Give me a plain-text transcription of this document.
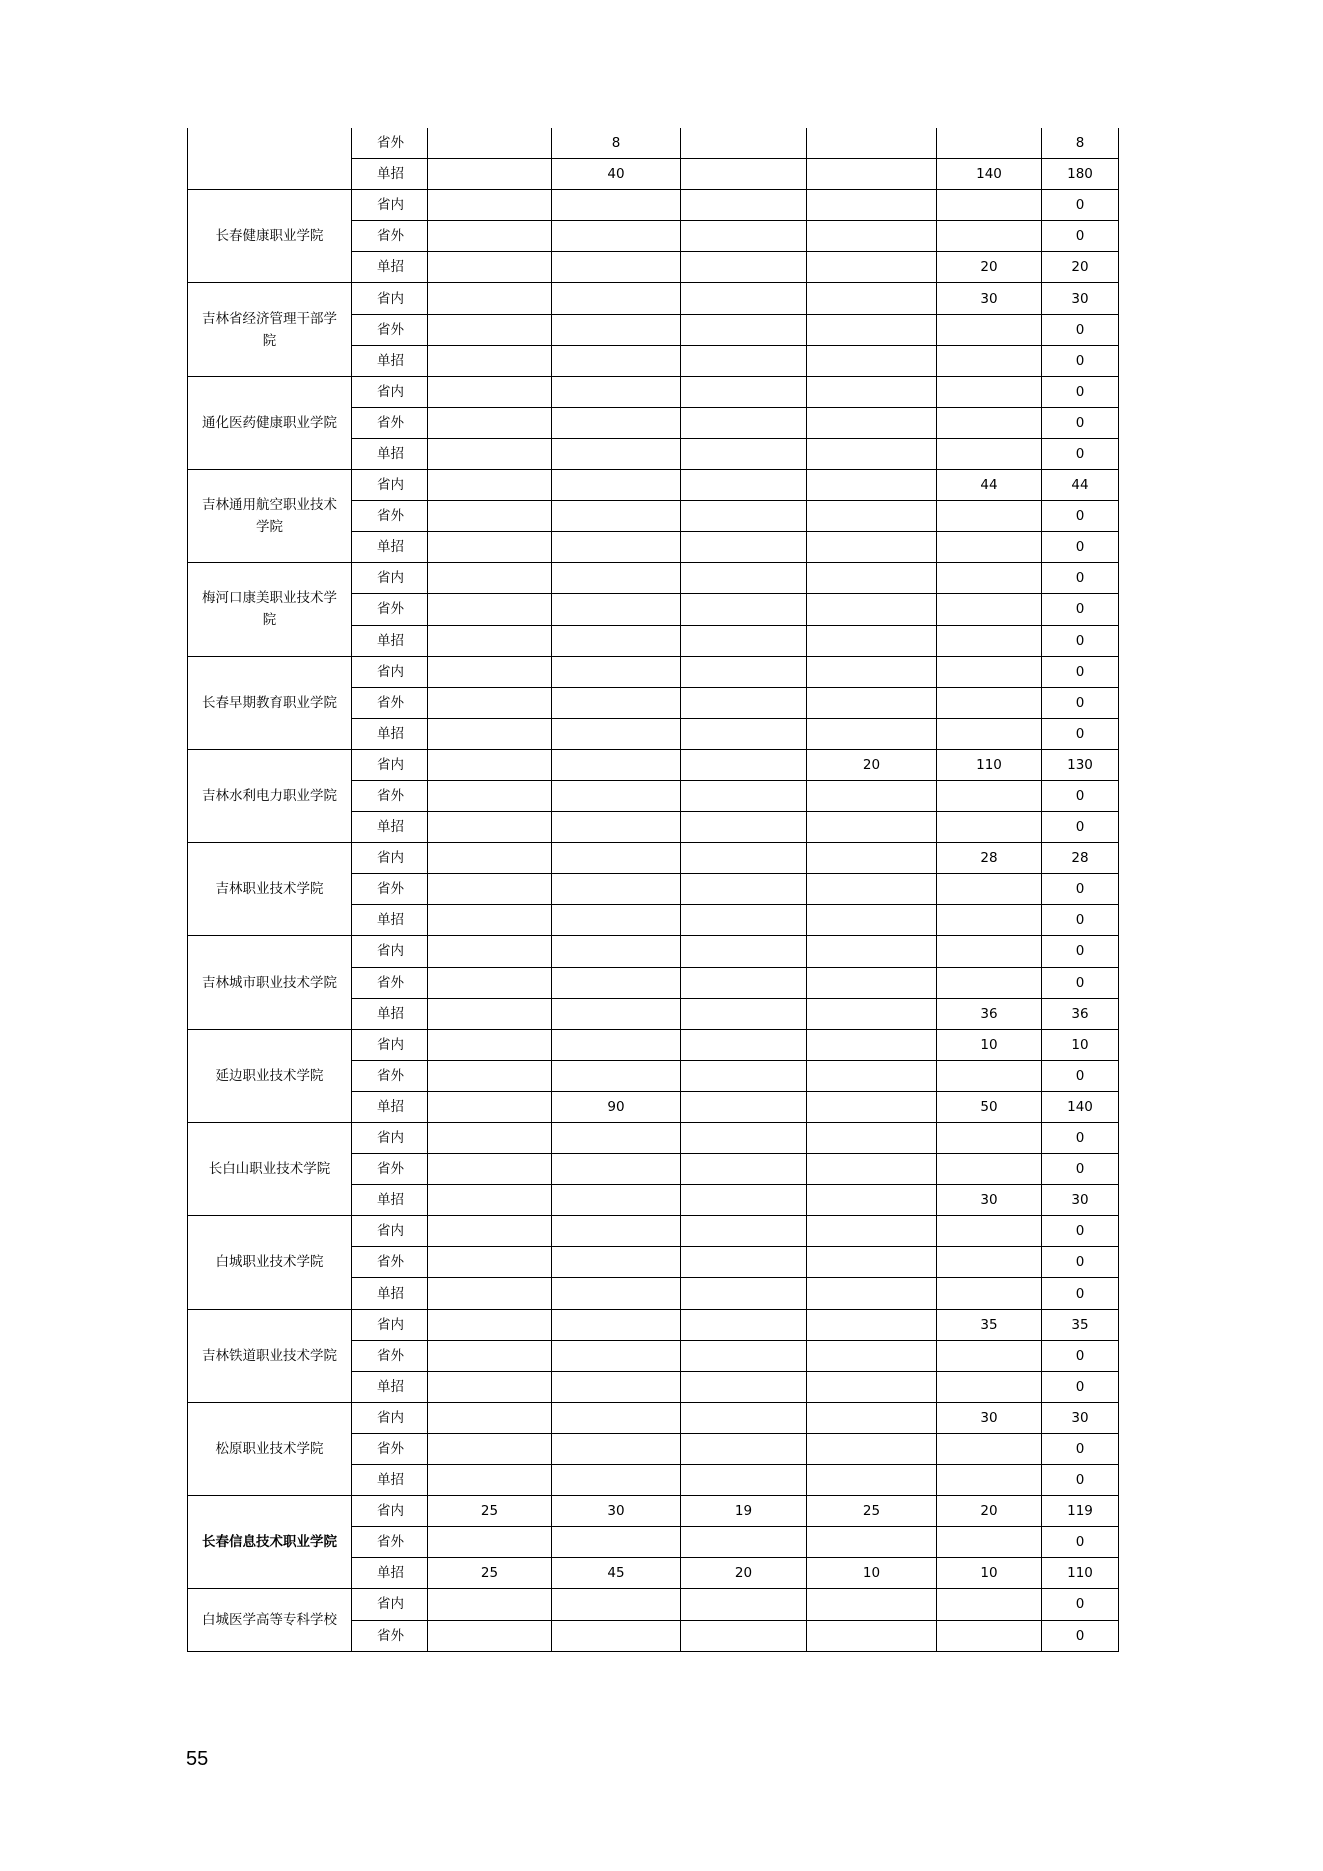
	省外		8				8
	单招		40			140	180
长春健康职业学院	省内						0
	省外						0
	单招					20	20
吉林省经济管理干部学院	省内					30	30
	省外						0
	单招						0
通化医药健康职业学院	省内						0
	省外						0
	单招						0
吉林通用航空职业技术学院	省内					44	44
	省外						0
	单招						0
梅河口康美职业技术学院	省内						0
	省外						0
	单招						0
长春早期教育职业学院	省内						0
	省外						0
	单招						0
吉林水利电力职业学院	省内				20	110	130
	省外						0
	单招						0
吉林职业技术学院	省内					28	28
	省外						0
	单招						0
吉林城市职业技术学院	省内						0
	省外						0
	单招					36	36
延边职业技术学院	省内					10	10
	省外						0
	单招		90			50	140
长白山职业技术学院	省内						0
	省外						0
	单招					30	30
白城职业技术学院	省内						0
	省外						0
	单招						0
吉林铁道职业技术学院	省内					35	35
	省外						0
	单招						0
松原职业技术学院	省内					30	30
	省外						0
	单招						0
长春信息技术职业学院	省内	25	30	19	25	20	119
	省外						0
	单招	25	45	20	10	10	110
白城医学高等专科学校	省内						0
	省外						0
55
